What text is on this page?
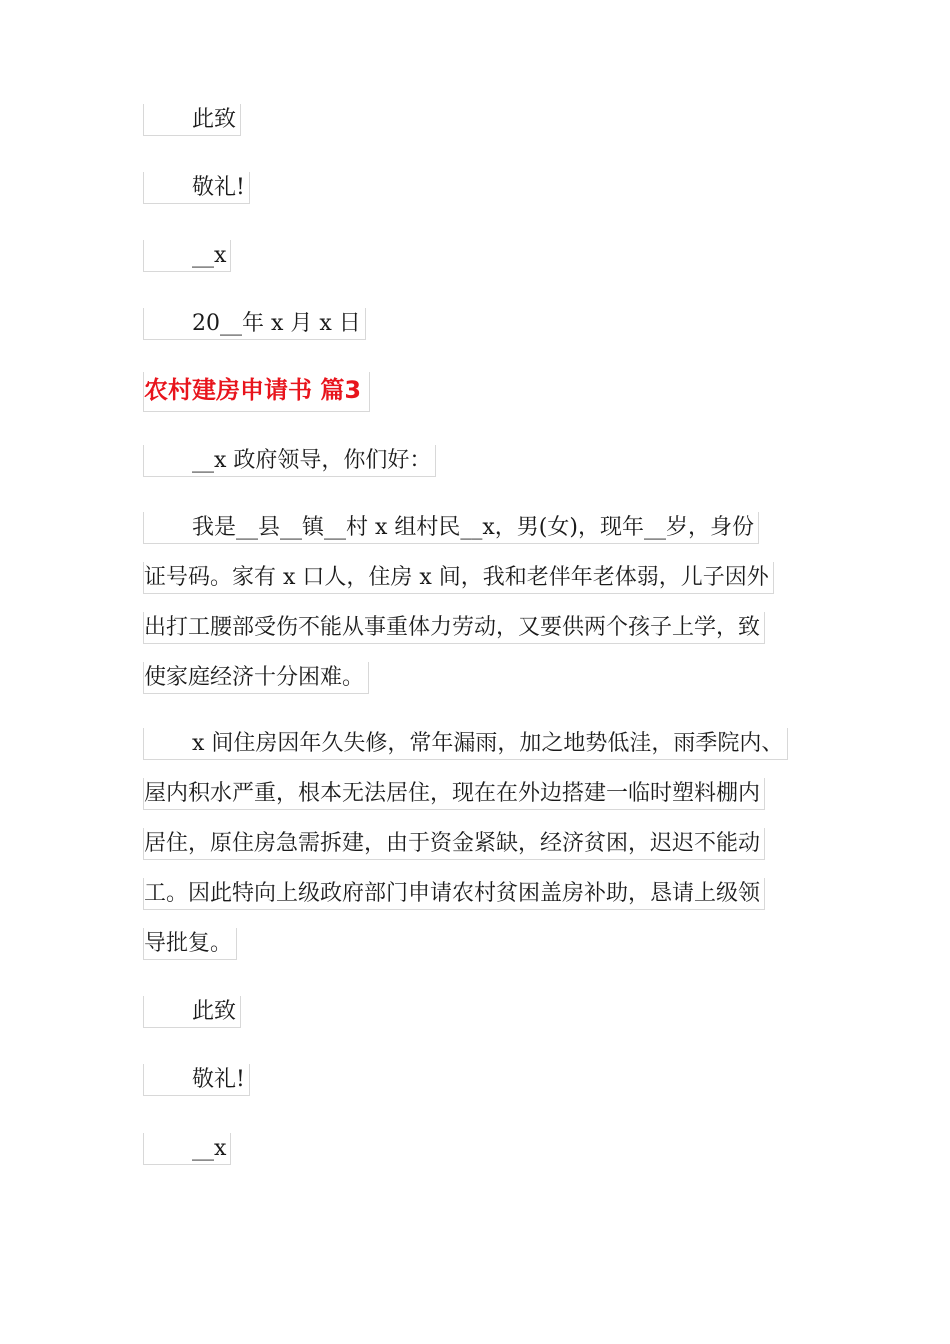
此致
敬礼!
__x
20__年 x 月 x 日
农村建房申请书 篇3
__x 政府领导，你们好：
我是__县__镇__村 x 组村民__x，男(女)，现年__岁，身份
证号码。家有 x 口人，住房 x 间，我和老伴年老体弱，儿子因外
出打工腰部受伤不能从事重体力劳动，又要供两个孩子上学，致
使家庭经济十分困难。
x 间住房因年久失修，常年漏雨，加之地势低洼，雨季院内、
屋内积水严重，根本无法居住，现在在外边搭建一临时塑料棚内
居住，原住房急需拆建，由于资金紧缺，经济贫困，迟迟不能动
工。因此特向上级政府部门申请农村贫困盖房补助，恳请上级领
导批复。
此致
敬礼!
__x
